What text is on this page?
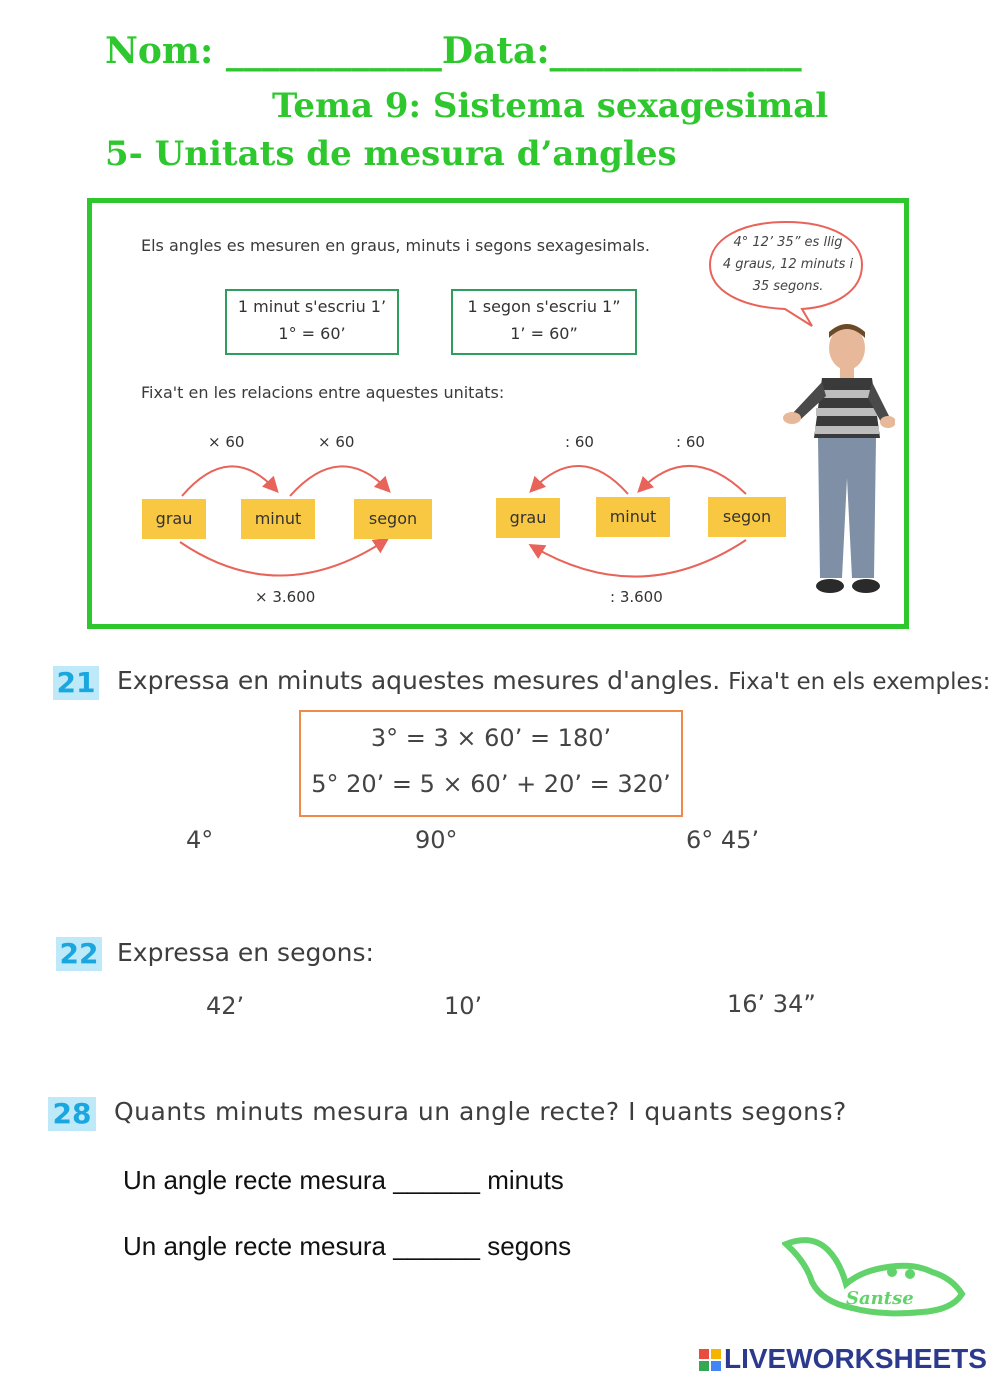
Nom: ____________Data:______________
Tema 9: Sistema sexagesimal
5- Unitats de mesura d’angles
Els angles es mesuren en graus, minuts i segons sexagesimals.
1 minut s'escriu 1’
1° = 60’
1 segon s'escriu 1”
1’ = 60”
Fixa't en les relacions entre aquestes unitats:
4° 12’ 35” es llig
4 graus, 12 minuts i
35 segons.
× 60	× 60
× 3.600
grau	minut	segon
: 60	: 60
: 3.600
grau	minut	segon
21 Expressa en minuts aquestes mesures d'angles. Fixa't en els exemples:
3° = 3 × 60’ = 180’
5° 20’ = 5 × 60’ + 20’ = 320’
4°	90°	6° 45’
22 Expressa en segons:
42’	10’	16’ 34”
28 Quants minuts mesura un angle recte? I quants segons?
Un angle recte mesura ______ minuts
Un angle recte mesura ______ segons
Santse
LIVEWORKSHEETS
